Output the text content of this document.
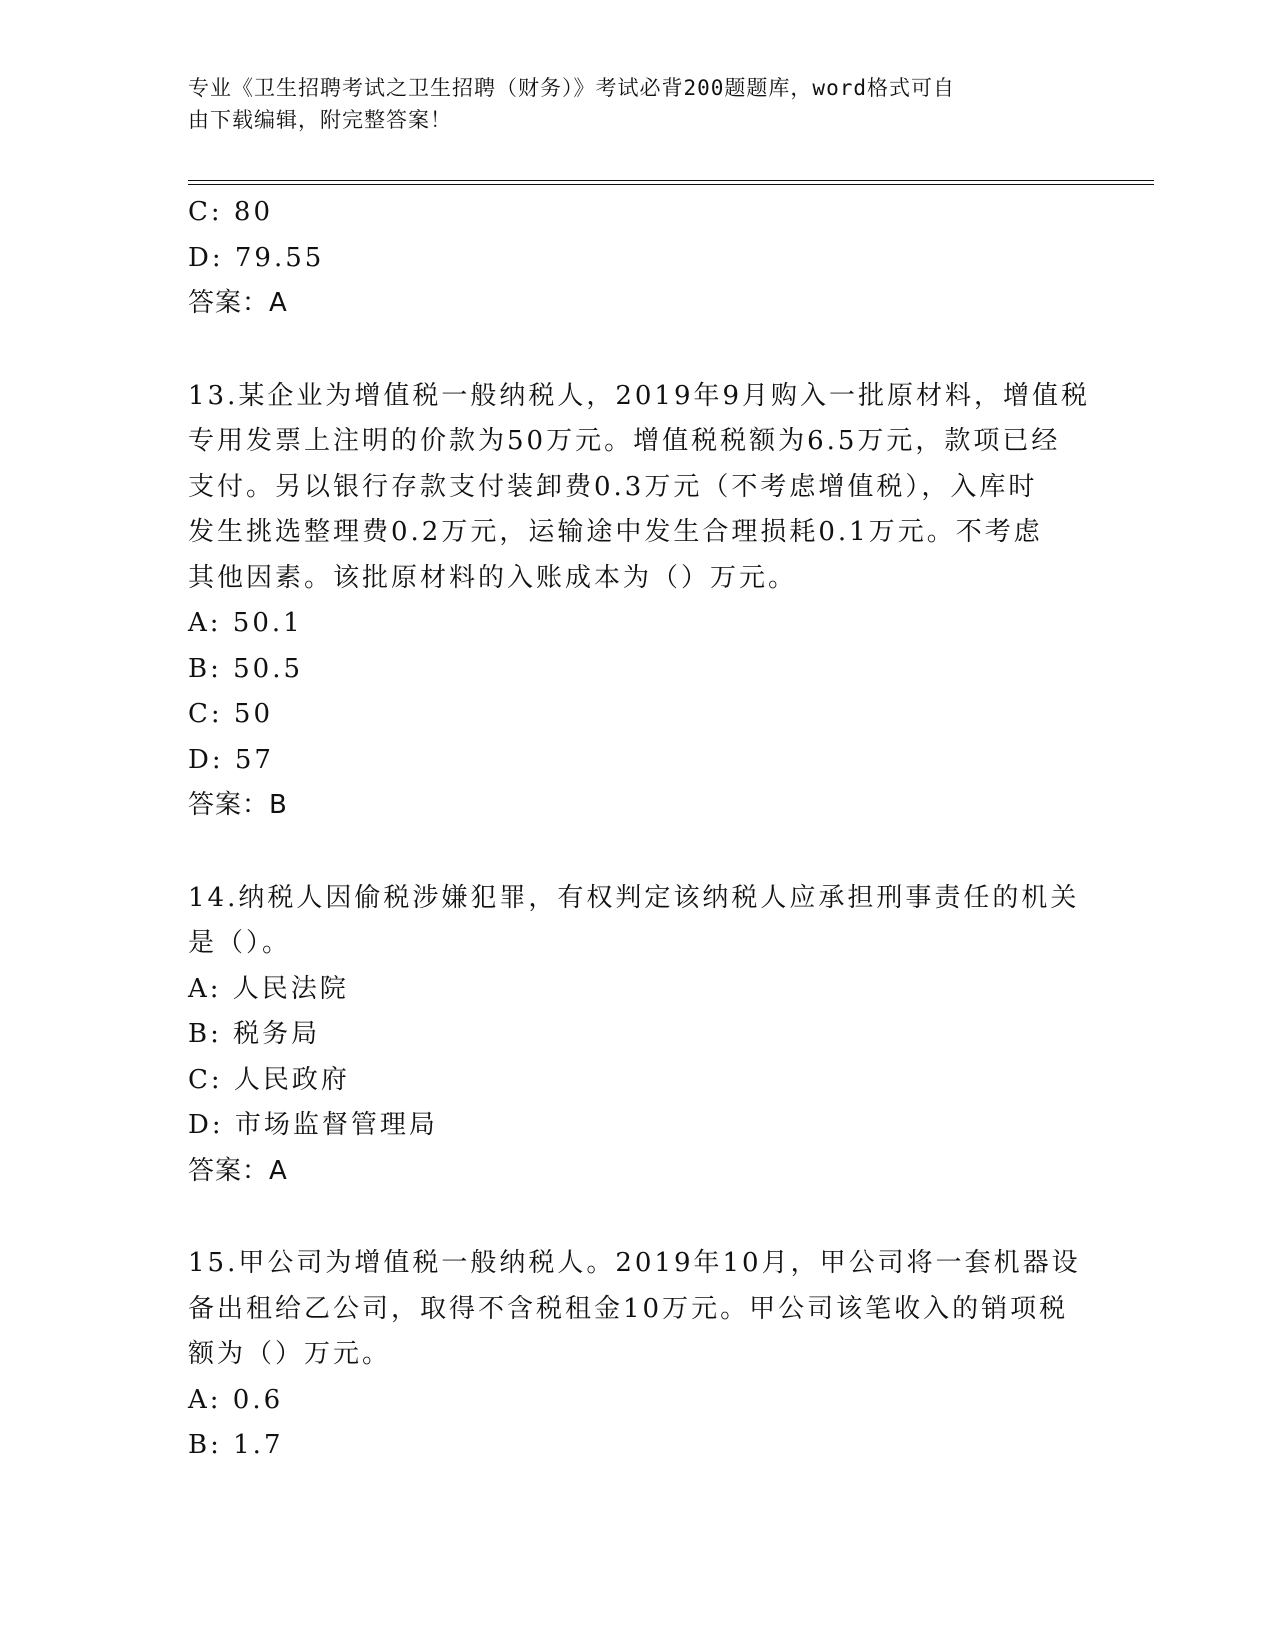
专业《卫生招聘考试之卫生招聘（财务）》考试必背200题题库，word格式可自
由下载编辑，附完整答案！
C: 80
D: 79.55
答案：A
13.某企业为增值税一般纳税人，2019年9月购入一批原材料，增值税
专用发票上注明的价款为50万元。增值税税额为6.5万元，款项已经
支付。另以银行存款支付装卸费0.3万元（不考虑增值税），入库时
发生挑选整理费0.2万元，运输途中发生合理损耗0.1万元。不考虑
其他因素。该批原材料的入账成本为（）万元。
A: 50.1
B: 50.5
C: 50
D: 57
答案：B
14.纳税人因偷税涉嫌犯罪，有权判定该纳税人应承担刑事责任的机关
是（）。
A: 人民法院
B: 税务局
C: 人民政府
D: 市场监督管理局
答案：A
15.甲公司为增值税一般纳税人。2019年10月，甲公司将一套机器设
备出租给乙公司，取得不含税租金10万元。甲公司该笔收入的销项税
额为（）万元。
A: 0.6
B: 1.7
